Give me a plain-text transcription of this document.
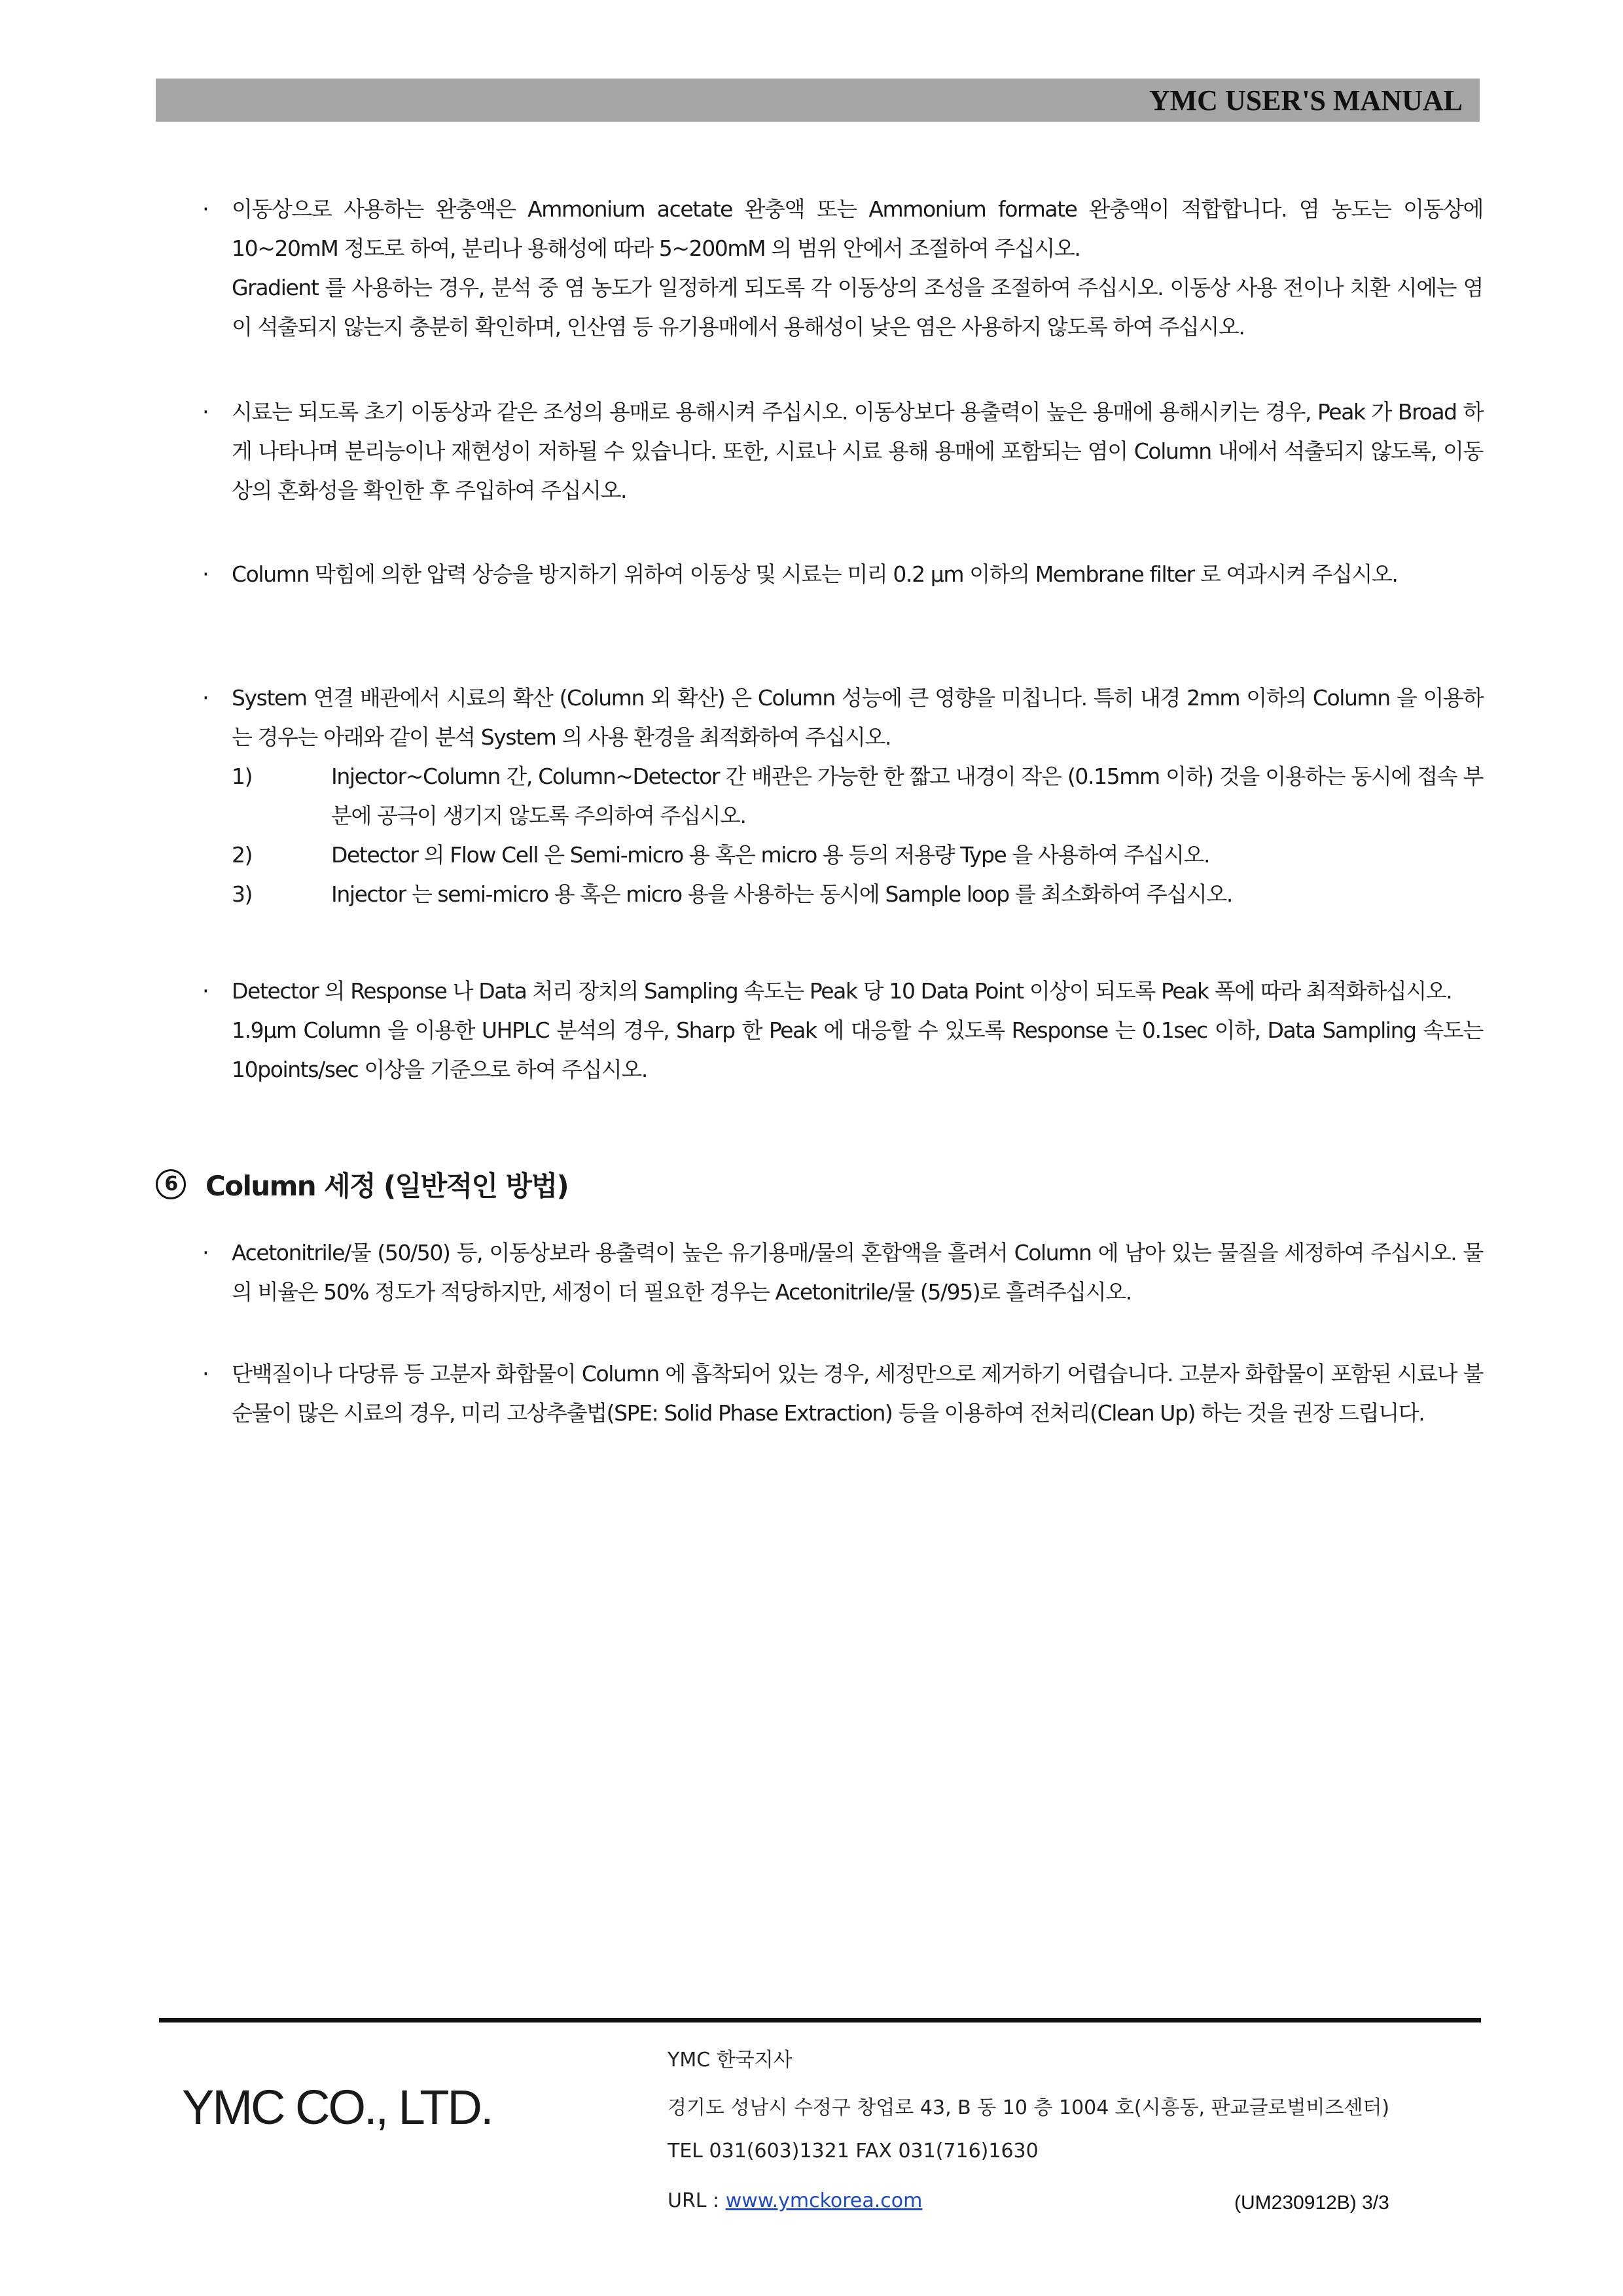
YMC USER'S MANUAL
· 이동상으로 사용하는 완충액은 Ammonium acetate 완충액 또는 Ammonium formate 완충액이 적합합니다. 염 농도는 이동상에 10~20mM 정도로 하여, 분리나 용해성에 따라 5~200mM 의 범위 안에서 조절하여 주십시오.

Gradient 를 사용하는 경우, 분석 중 염 농도가 일정하게 되도록 각 이동상의 조성을 조절하여 주십시오. 이동상 사용 전이나 치환 시에는 염이 석출되지 않는지 충분히 확인하며, 인산염 등 유기용매에서 용해성이 낮은 염은 사용하지 않도록 하여 주십시오.

· 시료는 되도록 초기 이동상과 같은 조성의 용매로 용해시켜 주십시오. 이동상보다 용출력이 높은 용매에 용해시키는 경우, Peak 가 Broad 하게 나타나며 분리능이나 재현성이 저하될 수 있습니다. 또한, 시료나 시료 용해 용매에 포함되는 염이 Column 내에서 석출되지 않도록, 이동상의 혼화성을 확인한 후 주입하여 주십시오.

· Column 막힘에 의한 압력 상승을 방지하기 위하여 이동상 및 시료는 미리 0.2 µm 이하의 Membrane filter 로 여과시켜 주십시오.

· System 연결 배관에서 시료의 확산 (Column 외 확산) 은 Column 성능에 큰 영향을 미칩니다. 특히 내경 2mm 이하의 Column 을 이용하는 경우는 아래와 같이 분석 System 의 사용 환경을 최적화하여 주십시오.

1)	Injector~Column 간, Column~Detector 간 배관은 가능한 한 짧고 내경이 작은 (0.15mm 이하) 것을 이용하는 동시에 접속 부분에 공극이 생기지 않도록 주의하여 주십시오.
2)	Detector 의 Flow Cell 은 Semi-micro 용 혹은 micro 용 등의 저용량 Type 을 사용하여 주십시오.
3)	Injector 는 semi-micro 용 혹은 micro 용을 사용하는 동시에 Sample loop 를 최소화하여 주십시오.
· Detector 의 Response 나 Data 처리 장치의 Sampling 속도는 Peak 당 10 Data Point 이상이 되도록 Peak 폭에 따라 최적화하십시오.

1.9µm Column 을 이용한 UHPLC 분석의 경우, Sharp 한 Peak 에 대응할 수 있도록 Response 는 0.1sec 이하, Data Sampling 속도는 10points/sec 이상을 기준으로 하여 주십시오.

6	Column 세정 (일반적인 방법)
· Acetonitrile/물 (50/50) 등, 이동상보라 용출력이 높은 유기용매/물의 혼합액을 흘려서 Column 에 남아 있는 물질을 세정하여 주십시오. 물의 비율은 50% 정도가 적당하지만, 세정이 더 필요한 경우는 Acetonitrile/물 (5/95)로 흘려주십시오.

· 단백질이나 다당류 등 고분자 화합물이 Column 에 흡착되어 있는 경우, 세정만으로 제거하기 어렵습니다. 고분자 화합물이 포함된 시료나 불순물이 많은 시료의 경우, 미리 고상추출법(SPE: Solid Phase Extraction) 등을 이용하여 전처리(Clean Up) 하는 것을 권장 드립니다.

YMC CO., LTD.
YMC 한국지사
경기도 성남시 수정구 창업로 43, B 동 10 층 1004 호(시흥동, 판교글로벌비즈센터)
TEL 031(603)1321 FAX 031(716)1630
URL : www.ymckorea.com	(UM230912B) 3/3
